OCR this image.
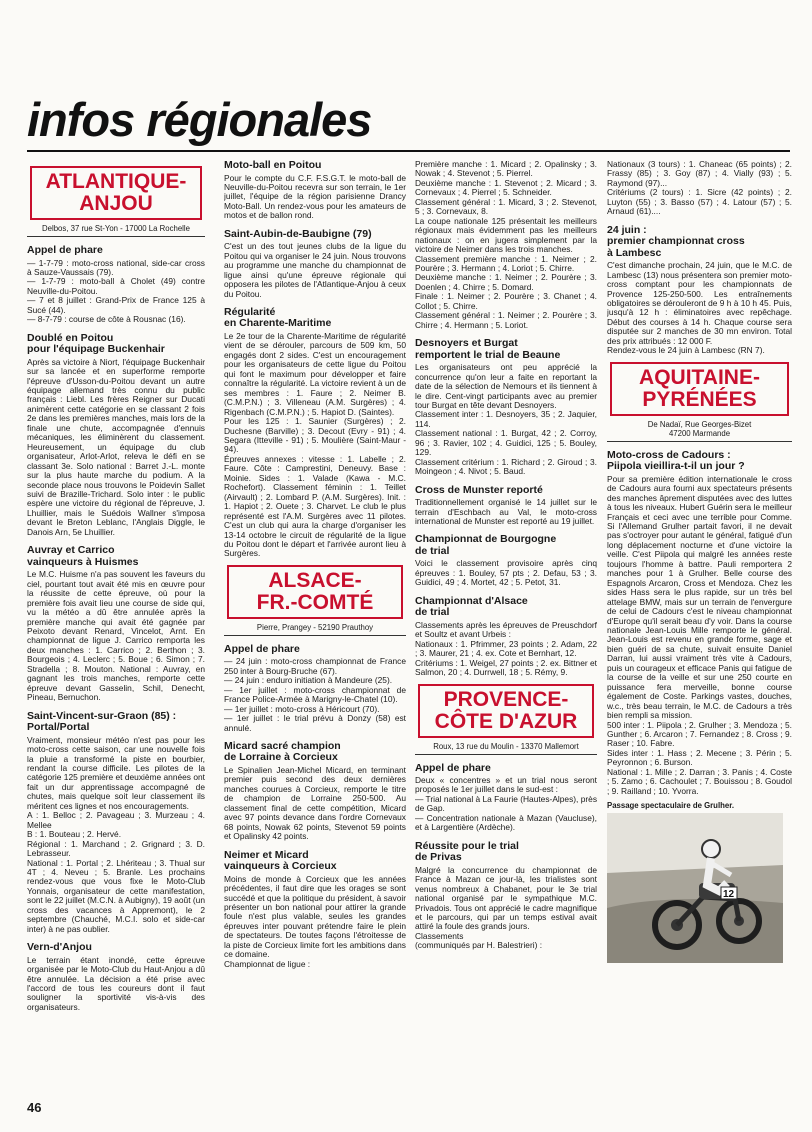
infos régionales
ATLANTIQUE-
ANJOU
Delbos, 37 rue St-Yon - 17000 La Rochelle
Appel de phare

— 1-7-79 : moto-cross national, side-car cross à Sauze-Vaussais (79).
— 1-7-79 : moto-ball à Cholet (49) contre Neuville-du-Poitou.
— 7 et 8 juillet : Grand-Prix de France 125 à Sucé (44).
— 8-7-79 : course de côte à Rousnac (16).

Doublé en Poitou
pour l'équipage Buckenhair

Après sa victoire à Niort, l'équipage Buckenhair sur sa lancée et en superforme remporte l'épreuve d'Usson-du-Poitou devant un autre équipage allemand très connu du public français : Liebl. Les frères Reigner sur Ducati animèrent cette catégorie en se classant 2 fois 2e dans les premières manches, mais lors de la finale une chute, accompagnée d'ennuis mécaniques, les éliminèrent du classement. Heureusement, un équipage du club organisateur, Arlot-Arlot, releva le défi en se classant 3e. Solo national : Barret J.-L. monte sur la plus haute marche du podium. A la seconde place nous trouvons le Poidevin Sallet suivi de Brazille-Trichard. Solo inter : le public espère une victoire du régional de l'épreuve, J. Lhuillier, mais le Suédois Wallner s'imposa devant le Breton Leblanc, l'Anglais Diggle, le Danois Arn, 5e Lhuillier.

Auvray et Carrico
vainqueurs à Huismes

Le M.C. Huisme n'a pas souvent les faveurs du ciel, pourtant tout avait été mis en œuvre pour la réussite de cette épreuve, où pour la première fois avait lieu une course de side qui, vu la météo a dû être annulée après la première manche qui avait été gagnée par Peixoto devant Renard, Vincelot, Arnt. En championnat de ligue J. Carrico remporta les deux manches : 1. Carrico ; 2. Berthon ; 3. Bourgeois ; 4. Leclerc ; 5. Boue ; 6. Simon ; 7. Stradella ; 8. Mouton. National : Auvray, en gagnant les trois manches, remporte cette épreuve devant Gasselin, Schil, Denecht, Pineau, Bernuchon.

Saint-Vincent-sur-Graon (85) :
Portal/Portal

Vraiment, monsieur météo n'est pas pour les moto-cross cette saison, car une nouvelle fois la pluie a transformé la piste en bourbier, rendant la course difficile. Les pilotes de la catégorie 125 première et deuxième années ont fait un dur apprentissage accompagné de chutes, mais quelque soit leur classement ils méritent ces lignes et nos encouragements.
A : 1. Belloc ; 2. Pavageau ; 3. Murzeau ; 4. Mellee
B : 1. Bouteau ; 2. Hervé.
Régional : 1. Marchand ; 2. Grignard ; 3. D. Lebrasseur.
National : 1. Portal ; 2. Lhériteau ; 3. Thual sur 4T ; 4. Neveu ; 5. Branle. Les prochains rendez-vous que vous fixe le Moto-Club Yonnais, organisateur de cette manifestation, sont le 22 juillet (M.C.N. à Aubigny), 19 août (un cross des vacances à Appremont), le 2 septembre (Chauché, M.C.I. solo et side-car inter) à ne pas oublier.

Vern-d'Anjou

Le terrain étant inondé, cette épreuve organisée par le Moto-Club du Haut-Anjou a dû être annulée. La décision a été prise avec l'accord de tous les coureurs dont il faut souligner la sportivité vis-à-vis des organisateurs.

Moto-ball en Poitou

Pour le compte du C.F. F.S.G.T. le moto-ball de Neuville-du-Poitou recevra sur son terrain, le 1er juillet, l'équipe de la région parisienne Drancy Moto-Ball. Un rendez-vous pour les amateurs de motos et de ballon rond.

Saint-Aubin-de-Baubigne (79)

C'est un des tout jeunes clubs de la ligue du Poitou qui va organiser le 24 juin. Nous trouvons au programme une manche du championnat de ligue ainsi qu'une épreuve régionale qui opposera les pilotes de l'Atlantique-Anjou à ceux du Poitou.

Régularité
en Charente-Maritime

Le 2e tour de la Charente-Maritime de régularité vient de se dérouler, parcours de 509 km, 50 engagés dont 2 sides. C'est un encouragement pour les organisateurs de cette ligue du Poitou qui font le maximum pour développer et faire connaître la régularité. La victoire revient à un de ses membres : 1. Faure ; 2. Neimer B. (C.M.P.N.) ; 3. Villeneau (A.M. Surgères) ; 4. Rigenbach (C.M.P.N.) ; 5. Hapiot D. (Saintes).
Pour les 125 : 1. Saunier (Surgères) ; 2. Duchesne (Barville) ; 3. Decout (Evry - 91) ; 4. Segara (Itteville - 91) ; 5. Moulière (Saint-Maur - 94).
Épreuves annexes : vitesse : 1. Labelle ; 2. Faure. Côte : Camprestini, Deneuvy. Base : Moinie. Sides : 1. Valade (Kawa - M.C. Rochefort). Classement féminin : 1. Teillet (Airvault) ; 2. Lombard P. (A.M. Surgères). Init. : 1. Hapiot ; 2. Ouete ; 3. Charvet. Le club le plus représenté est l'A.M. Surgères avec 11 pilotes. C'est un club qui aura la charge d'organiser les 13-14 octobre le circuit de régularité de la ligue du Poitou dont le départ et l'arrivée auront lieu à Surgères.

ALSACE-
FR.-COMTÉ
Pierre, Prangey - 52190 Prauthoy
Appel de phare

— 24 juin : moto-cross championnat de France 250 inter à Bourg-Bruche (67).
— 24 juin : enduro initiation à Mandeure (25).
— 1er juillet : moto-cross championnat de France Police-Armée à Marigny-le-Chatel (10).
— 1er juillet : moto-cross à Héricourt (70).
— 1er juillet : le trial prévu à Donzy (58) est annulé.

Micard sacré champion
de Lorraine à Corcieux

Le Spinalien Jean-Michel Micard, en terminant premier puis second des deux dernières manches courues à Corcieux, remporte le titre de champion de Lorraine 250-500. Au classement final de cette compétition, Micard avec 97 points devance dans l'ordre Cornevaux 68 points, Nowak 62 points, Stevenot 59 points et Opalinsky 42 points.

Neimer et Micard
vainqueurs à Corcieux

Moins de monde à Corcieux que les années précédentes, il faut dire que les orages se sont succédé et que la politique du président, à savoir présenter un bon national pour attirer la grande foule n'est plus valable, seules les grandes épreuves inter pouvant prétendre faire le plein de spectateurs. De toutes façons l'étroitesse de la piste de Corcieux limite fort les ambitions dans ce domaine.
Championnat de ligue :

Première manche : 1. Micard ; 2. Opalinsky ; 3. Nowak ; 4. Stevenot ; 5. Pierrel.
Deuxième manche : 1. Stevenot ; 2. Micard ; 3. Cornevaux ; 4. Pierrel ; 5. Schneider.
Classement général : 1. Micard, 3 ; 2. Stevenot, 5 ; 3. Cornevaux, 8.
La coupe nationale 125 présentait les meilleurs régionaux mais évidemment pas les meilleurs nationaux : on en jugera simplement par la victoire de Neimer dans les trois manches.
Classement première manche : 1. Neimer ; 2. Pourère ; 3. Hermann ; 4. Loriot ; 5. Chirre.
Deuxième manche : 1. Neimer ; 2. Pourère ; 3. Doenlen ; 4. Chirre ; 5. Domard.
Finale : 1. Neimer ; 2. Pourère ; 3. Chanet ; 4. Collot ; 5. Chirre.
Classement général : 1. Neimer ; 2. Pourère ; 3. Chirre ; 4. Hermann ; 5. Loriot.

Desnoyers et Burgat
remportent le trial de Beaune

Les organisateurs ont peu apprécié la concurrence qu'on leur a faite en reportant la date de la sélection de Nemours et ils tiennent à le dire. Cent-vingt participants avec au premier tour Burgat en tête devant Desnoyers.
Classement inter : 1. Desnoyers, 35 ; 2. Jaquier, 114.
Classement national : 1. Burgat, 42 ; 2. Corroy, 96 ; 3. Ravier, 102 ; 4. Guidici, 125 ; 5. Bouley, 129.
Classement critérium : 1. Richard ; 2. Giroud ; 3. Moingeon ; 4. Nivot ; 5. Baud.

Cross de Munster reporté

Traditionnellement organisé le 14 juillet sur le terrain d'Eschbach au Val, le moto-cross international de Munster est reporté au 19 juillet.

Championnat de Bourgogne
de trial

Voici le classement provisoire après cinq épreuves : 1. Bouley, 57 pts ; 2. Defau, 53 ; 3. Guidici, 49 ; 4. Mortet, 42 ; 5. Petot, 31.

Championnat d'Alsace
de trial

Classements après les épreuves de Preuschdorf et Soultz et avant Urbeis :
Nationaux : 1. Pfrimmer, 23 points ; 2. Adam, 22 ; 3. Maurer, 21 ; 4. ex. Cote et Bernhart, 12.
Critériums : 1. Weigel, 27 points ; 2. ex. Bittner et Salmon, 20 ; 4. Durrwell, 18 ; 5. Rémy, 9.

PROVENCE-
CÔTE D'AZUR
Roux, 13 rue du Moulin - 13370 Mallemort
Appel de phare

Deux « concentres » et un trial nous seront proposés le 1er juillet dans le sud-est :
— Trial national à La Faurie (Hautes-Alpes), près de Gap.
— Concentration nationale à Mazan (Vaucluse), et à Largentière (Ardèche).

Réussite pour le trial
de Privas

Malgré la concurrence du championnat de France à Mazan ce jour-là, les trialistes sont venus nombreux à Chabanet, pour le 3e trial national organisé par le sympathique M.C. Privadois. Tous ont apprécié le cadre magnifique et le parcours, qui par un temps estival avait attiré la foule des grands jours.
Classements
(communiqués par H. Balestrieri) :

Nationaux (3 tours) : 1. Chaneac (65 points) ; 2. Frassy (85) ; 3. Goy (87) ; 4. Vially (93) ; 5. Raymond (97)...
Critériums (2 tours) : 1. Sicre (42 points) ; 2. Luyton (55) ; 3. Basso (57) ; 4. Latour (57) ; 5. Arnaud (61)....

24 juin :
premier championnat cross
à Lambesc

C'est dimanche prochain, 24 juin, que le M.C. de Lambesc (13) nous présentera son premier moto-cross comptant pour les championnats de Provence 125-250-500. Les entraînements obligatoires se dérouleront de 9 h à 10 h 45. Puis, jusqu'à 12 h : éliminatoires avec repêchage. Début des courses à 14 h. Chaque course sera disputée sur 2 manches de 30 mn environ. Total des prix attribués : 12 000 F.
Rendez-vous le 24 juin à Lambesc (RN 7).

AQUITAINE-
PYRÉNÉES
De Nadaï, Rue Georges-Bizet
47200 Marmande
Moto-cross de Cadours :
Piipola vieillira-t-il un jour ?

Pour sa première édition internationale le cross de Cadours aura fourni aux spectateurs présents des manches âprement disputées avec des luttes à tous les niveaux. Hubert Guérin sera le meilleur Français et ceci avec une terrible pour Comme. Si l'Allemand Grulher partait favori, il ne devait pas s'octroyer pour autant le général, fatigué d'un long déplacement nocturne et d'une victoire la veille. C'est Piipola qui malgré les années reste toujours l'homme à battre. Pauli remportera 2 manches pour 1 à Grulher. Belle course des Espagnols Arcaron, Cross et Mendoza. Chez les sides Hass sera le plus rapide, sur un très bel attelage BMW, mais sur un terrain de l'envergure de celui de Cadours c'est le niveau championnat d'Europe qu'il serait beau d'y voir. Dans la course nationale Jean-Louis Mille remporte le général. Jean-Louis est revenu en grande forme, sage et bien guéri de sa chute, suivait ensuite Daniel Darran, lui aussi vraiment très vite à Cadours, puis un courageux et efficace Panis qui fatigue de la course de la veille et sur une 250 courte en puissance fera merveille, bonne course également de Coste. Parkings vastes, douches, w.c., très beau terrain, le M.C. de Cadours a très bien rempli sa mission.
500 inter : 1. Piipola ; 2. Grulher ; 3. Mendoza ; 5. Gunther ; 6. Arcaron ; 7. Fernandez ; 8. Cross ; 9. Raser ; 10. Fabre.
Sides inter : 1. Hass ; 2. Mecene ; 3. Périn ; 5. Peyronnon ; 6. Burson.
National : 1. Mille ; 2. Darran ; 3. Panis ; 4. Coste ; 5. Zamo ; 6. Cachoulet ; 7. Bouissou ; 8. Goudol ; 9. Railland ; 10. Yvorra.

Passage spectaculaire de Grulher.
12
46
